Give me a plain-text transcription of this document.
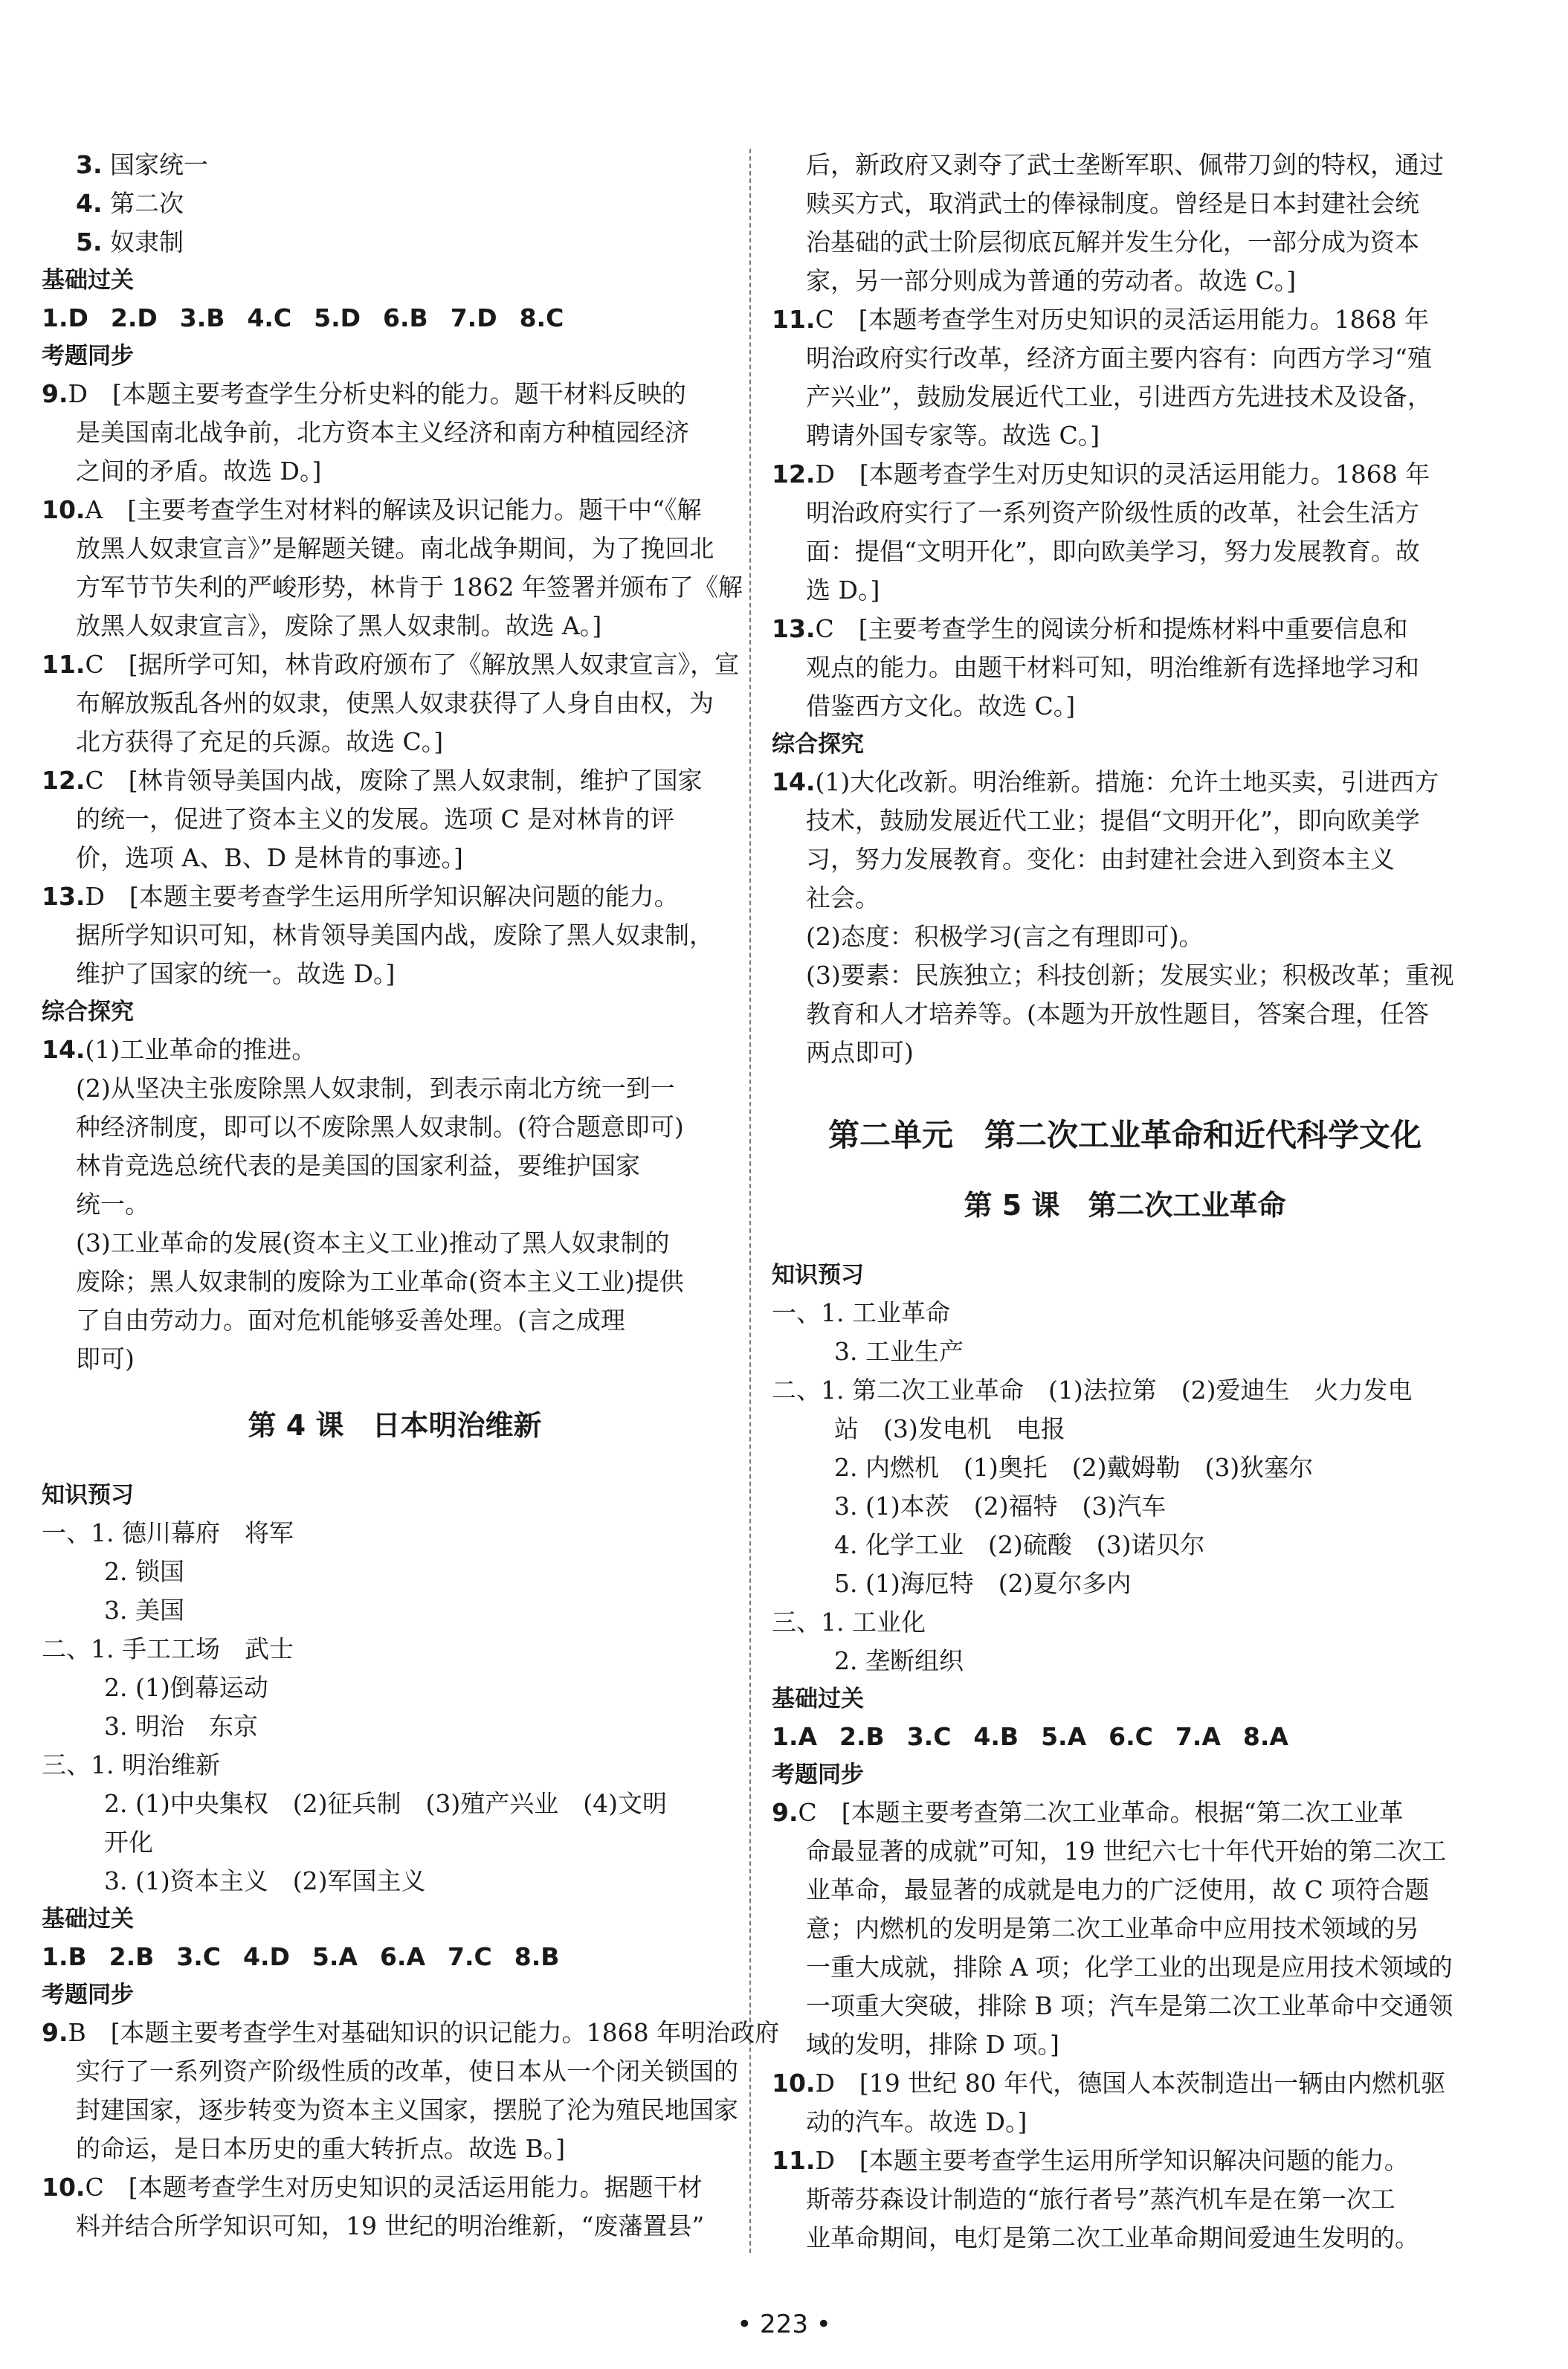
3. 国家统一
4. 第二次
5. 奴隶制
基础过关
1.D 2.D 3.B 4.C 5.D 6.B 7.D 8.C
考题同步
9.D　[本题主要考查学生分析史料的能力。题干材料反映的
是美国南北战争前，北方资本主义经济和南方种植园经济
之间的矛盾。故选 D。]
10.A　[主要考查学生对材料的解读及识记能力。题干中“《解
放黑人奴隶宣言》”是解题关键。南北战争期间，为了挽回北
方军节节失利的严峻形势，林肯于 1862 年签署并颁布了《解
放黑人奴隶宣言》，废除了黑人奴隶制。故选 A。]
11.C　[据所学可知，林肯政府颁布了《解放黑人奴隶宣言》，宣
布解放叛乱各州的奴隶，使黑人奴隶获得了人身自由权，为
北方获得了充足的兵源。故选 C。]
12.C　[林肯领导美国内战，废除了黑人奴隶制，维护了国家
的统一，促进了资本主义的发展。选项 C 是对林肯的评
价，选项 A、B、D 是林肯的事迹。]
13.D　[本题主要考查学生运用所学知识解决问题的能力。
据所学知识可知，林肯领导美国内战，废除了黑人奴隶制，
维护了国家的统一。故选 D。]
综合探究
14.(1)工业革命的推进。
(2)从坚决主张废除黑人奴隶制，到表示南北方统一到一
种经济制度，即可以不废除黑人奴隶制。(符合题意即可)
林肯竞选总统代表的是美国的国家利益，要维护国家
统一。
(3)工业革命的发展(资本主义工业)推动了黑人奴隶制的
废除；黑人奴隶制的废除为工业革命(资本主义工业)提供
了自由劳动力。面对危机能够妥善处理。(言之成理
即可)
第 4 课　日本明治维新
知识预习
一、1. 德川幕府　将军
2. 锁国
3. 美国
二、1. 手工工场　武士
2. (1)倒幕运动
3. 明治　东京
三、1. 明治维新
2. (1)中央集权　(2)征兵制　(3)殖产兴业　(4)文明
开化
3. (1)资本主义　(2)军国主义
基础过关
1.B 2.B 3.C 4.D 5.A 6.A 7.C 8.B
考题同步
9.B　[本题主要考查学生对基础知识的识记能力。1868 年明治政府
实行了一系列资产阶级性质的改革，使日本从一个闭关锁国的
封建国家，逐步转变为资本主义国家，摆脱了沦为殖民地国家
的命运，是日本历史的重大转折点。故选 B。]
10.C　[本题考查学生对历史知识的灵活运用能力。据题干材
料并结合所学知识可知，19 世纪的明治维新，“废藩置县”
后，新政府又剥夺了武士垄断军职、佩带刀剑的特权，通过
赎买方式，取消武士的俸禄制度。曾经是日本封建社会统
治基础的武士阶层彻底瓦解并发生分化，一部分成为资本
家，另一部分则成为普通的劳动者。故选 C。]
11.C　[本题考查学生对历史知识的灵活运用能力。1868 年
明治政府实行改革，经济方面主要内容有：向西方学习“殖
产兴业”，鼓励发展近代工业，引进西方先进技术及设备，
聘请外国专家等。故选 C。]
12.D　[本题考查学生对历史知识的灵活运用能力。1868 年
明治政府实行了一系列资产阶级性质的改革，社会生活方
面：提倡“文明开化”，即向欧美学习，努力发展教育。故
选 D。]
13.C　[主要考查学生的阅读分析和提炼材料中重要信息和
观点的能力。由题干材料可知，明治维新有选择地学习和
借鉴西方文化。故选 C。]
综合探究
14.(1)大化改新。明治维新。措施：允许土地买卖，引进西方
技术，鼓励发展近代工业；提倡“文明开化”，即向欧美学
习，努力发展教育。变化：由封建社会进入到资本主义
社会。
(2)态度：积极学习(言之有理即可)。
(3)要素：民族独立；科技创新；发展实业；积极改革；重视
教育和人才培养等。(本题为开放性题目，答案合理，任答
两点即可)
第二单元　第二次工业革命和近代科学文化
第 5 课　第二次工业革命
知识预习
一、1. 工业革命
3. 工业生产
二、1. 第二次工业革命　(1)法拉第　(2)爱迪生　火力发电
站　(3)发电机　电报
2. 内燃机　(1)奥托　(2)戴姆勒　(3)狄塞尔
3. (1)本茨　(2)福特　(3)汽车
4. 化学工业　(2)硫酸　(3)诺贝尔
5. (1)海厄特　(2)夏尔多内
三、1. 工业化
2. 垄断组织
基础过关
1.A 2.B 3.C 4.B 5.A 6.C 7.A 8.A
考题同步
9.C　[本题主要考查第二次工业革命。根据“第二次工业革
命最显著的成就”可知，19 世纪六七十年代开始的第二次工
业革命，最显著的成就是电力的广泛使用，故 C 项符合题
意；内燃机的发明是第二次工业革命中应用技术领域的另
一重大成就，排除 A 项；化学工业的出现是应用技术领域的
一项重大突破，排除 B 项；汽车是第二次工业革命中交通领
域的发明，排除 D 项。]
10.D　[19 世纪 80 年代，德国人本茨制造出一辆由内燃机驱
动的汽车。故选 D。]
11.D　[本题主要考查学生运用所学知识解决问题的能力。
斯蒂芬森设计制造的“旅行者号”蒸汽机车是在第一次工
业革命期间，电灯是第二次工业革命期间爱迪生发明的。
• 223 •
